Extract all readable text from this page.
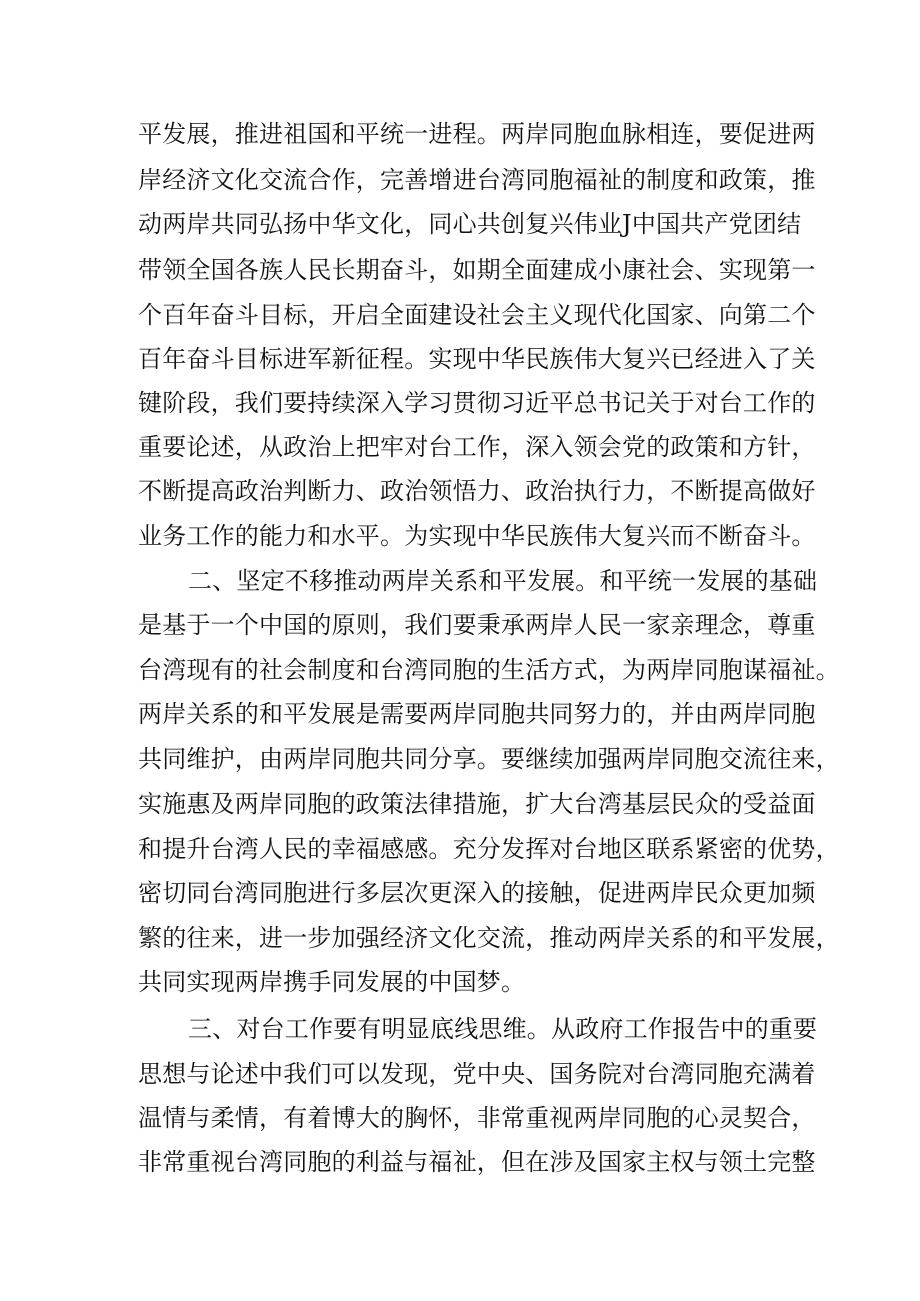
平发展，推进祖国和平统一进程。两岸同胞血脉相连，要促进两
岸经济文化交流合作，完善增进台湾同胞福祉的制度和政策，推
动两岸共同弘扬中华文化，同心共创复兴伟业J中国共产党团结
带领全国各族人民长期奋斗，如期全面建成小康社会、实现第一
个百年奋斗目标，开启全面建设社会主义现代化国家、向第二个
百年奋斗目标进军新征程。实现中华民族伟大复兴已经进入了关
键阶段，我们要持续深入学习贯彻习近平总书记关于对台工作的
重要论述，从政治上把牢对台工作，深入领会党的政策和方针，
不断提高政治判断力、政治领悟力、政治执行力，不断提高做好
业务工作的能力和水平。为实现中华民族伟大复兴而不断奋斗。
二、坚定不移推动两岸关系和平发展。和平统一发展的基础
是基于一个中国的原则，我们要秉承两岸人民一家亲理念，尊重
台湾现有的社会制度和台湾同胞的生活方式，为两岸同胞谋福祉。
两岸关系的和平发展是需要两岸同胞共同努力的，并由两岸同胞
共同维护，由两岸同胞共同分享。要继续加强两岸同胞交流往来，
实施惠及两岸同胞的政策法律措施，扩大台湾基层民众的受益面
和提升台湾人民的幸福感感。充分发挥对台地区联系紧密的优势，
密切同台湾同胞进行多层次更深入的接触，促进两岸民众更加频
繁的往来，进一步加强经济文化交流，推动两岸关系的和平发展，
共同实现两岸携手同发展的中国梦。
三、对台工作要有明显底线思维。从政府工作报告中的重要
思想与论述中我们可以发现，党中央、国务院对台湾同胞充满着
温情与柔情，有着博大的胸怀，非常重视两岸同胞的心灵契合，
非常重视台湾同胞的利益与福祉，但在涉及国家主权与领土完整
